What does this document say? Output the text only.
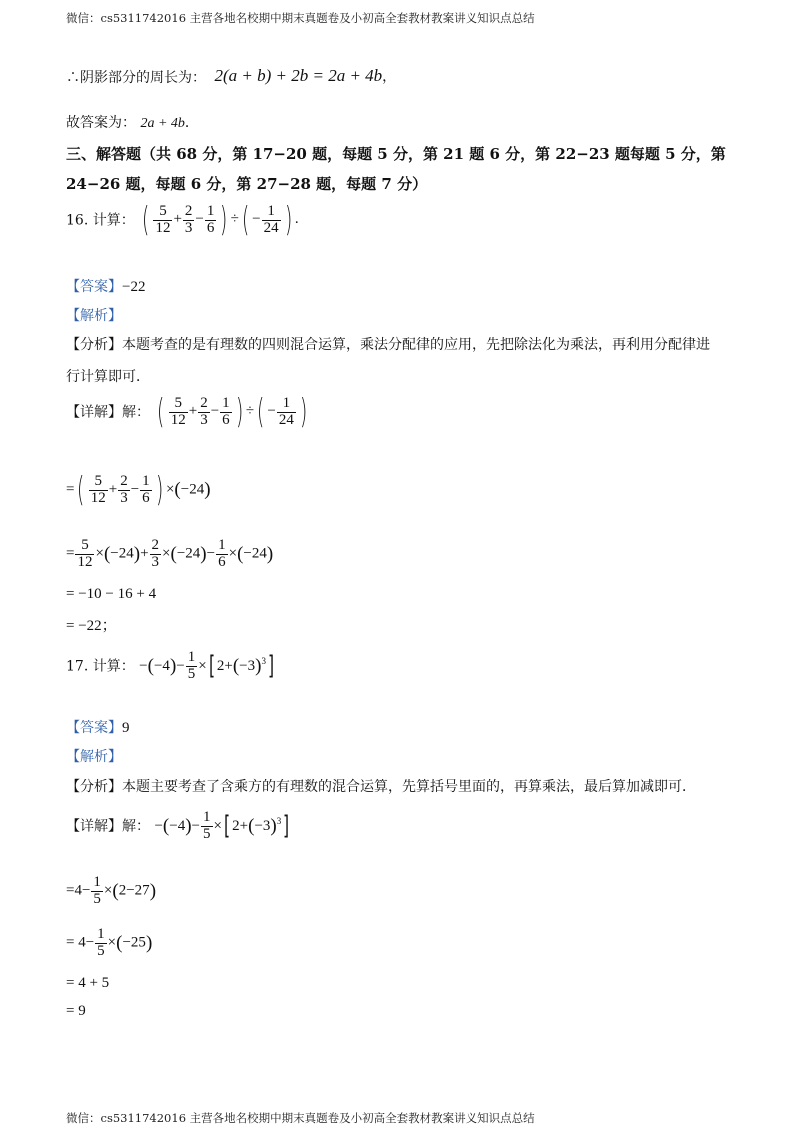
微信：cs5311742016 主营各地名校期中期末真题卷及小初高全套教材教案讲义知识点总结
∴阴影部分的周长为： 2(a + b) + 2b = 2a + 4b，
故答案为： 2a + 4b．
三、解答题（共 68 分，第 17−20 题，每题 5 分，第 21 题 6 分，第 22−23 题每题 5 分，第
24−26 题，每题 6 分，第 27−28 题，每题 7 分）
16. 计算： ( $\frac{5}{12} + \frac{2}{3} - \frac{1}{6}$ ) ÷( − $\frac{1}{24}$ ) .
【答案】−22
【解析】
【分析】本题考查的是有理数的四则混合运算，乘法分配律的应用，先把除法化为乘法，再利用分配律进
行计算即可．
【详解】解： ( $\frac{5}{12} + \frac{2}{3} - \frac{1}{6}$ ) ÷( − $\frac{1}{24}$ )
=( $\frac{5}{12} + \frac{2}{3} - \frac{1}{6}$ ) ×(−24)
= $\frac{5}{12} \times(-24)+ \frac{2}{3} \times(-24)- \frac{1}{6} \times(-24)$
= −10 − 16 + 4
= −22；
17. 计算： $-(-4)- \frac{1}{5}$ ×[ $2+(-3)^3$]
【答案】9
【解析】
【分析】本题主要考查了含乘方的有理数的混合运算，先算括号里面的，再算乘法，最后算加减即可．
【详解】解： $-(-4)- \frac{1}{5}$ ×[ $2+(-3)^3$]
$=4- \frac{1}{5} \times(2-27)$
= $4- \frac{1}{5} \times(-25)$
= 4 + 5
= 9
微信：cs5311742016 主营各地名校期中期末真题卷及小初高全套教材教案讲义知识点总结
